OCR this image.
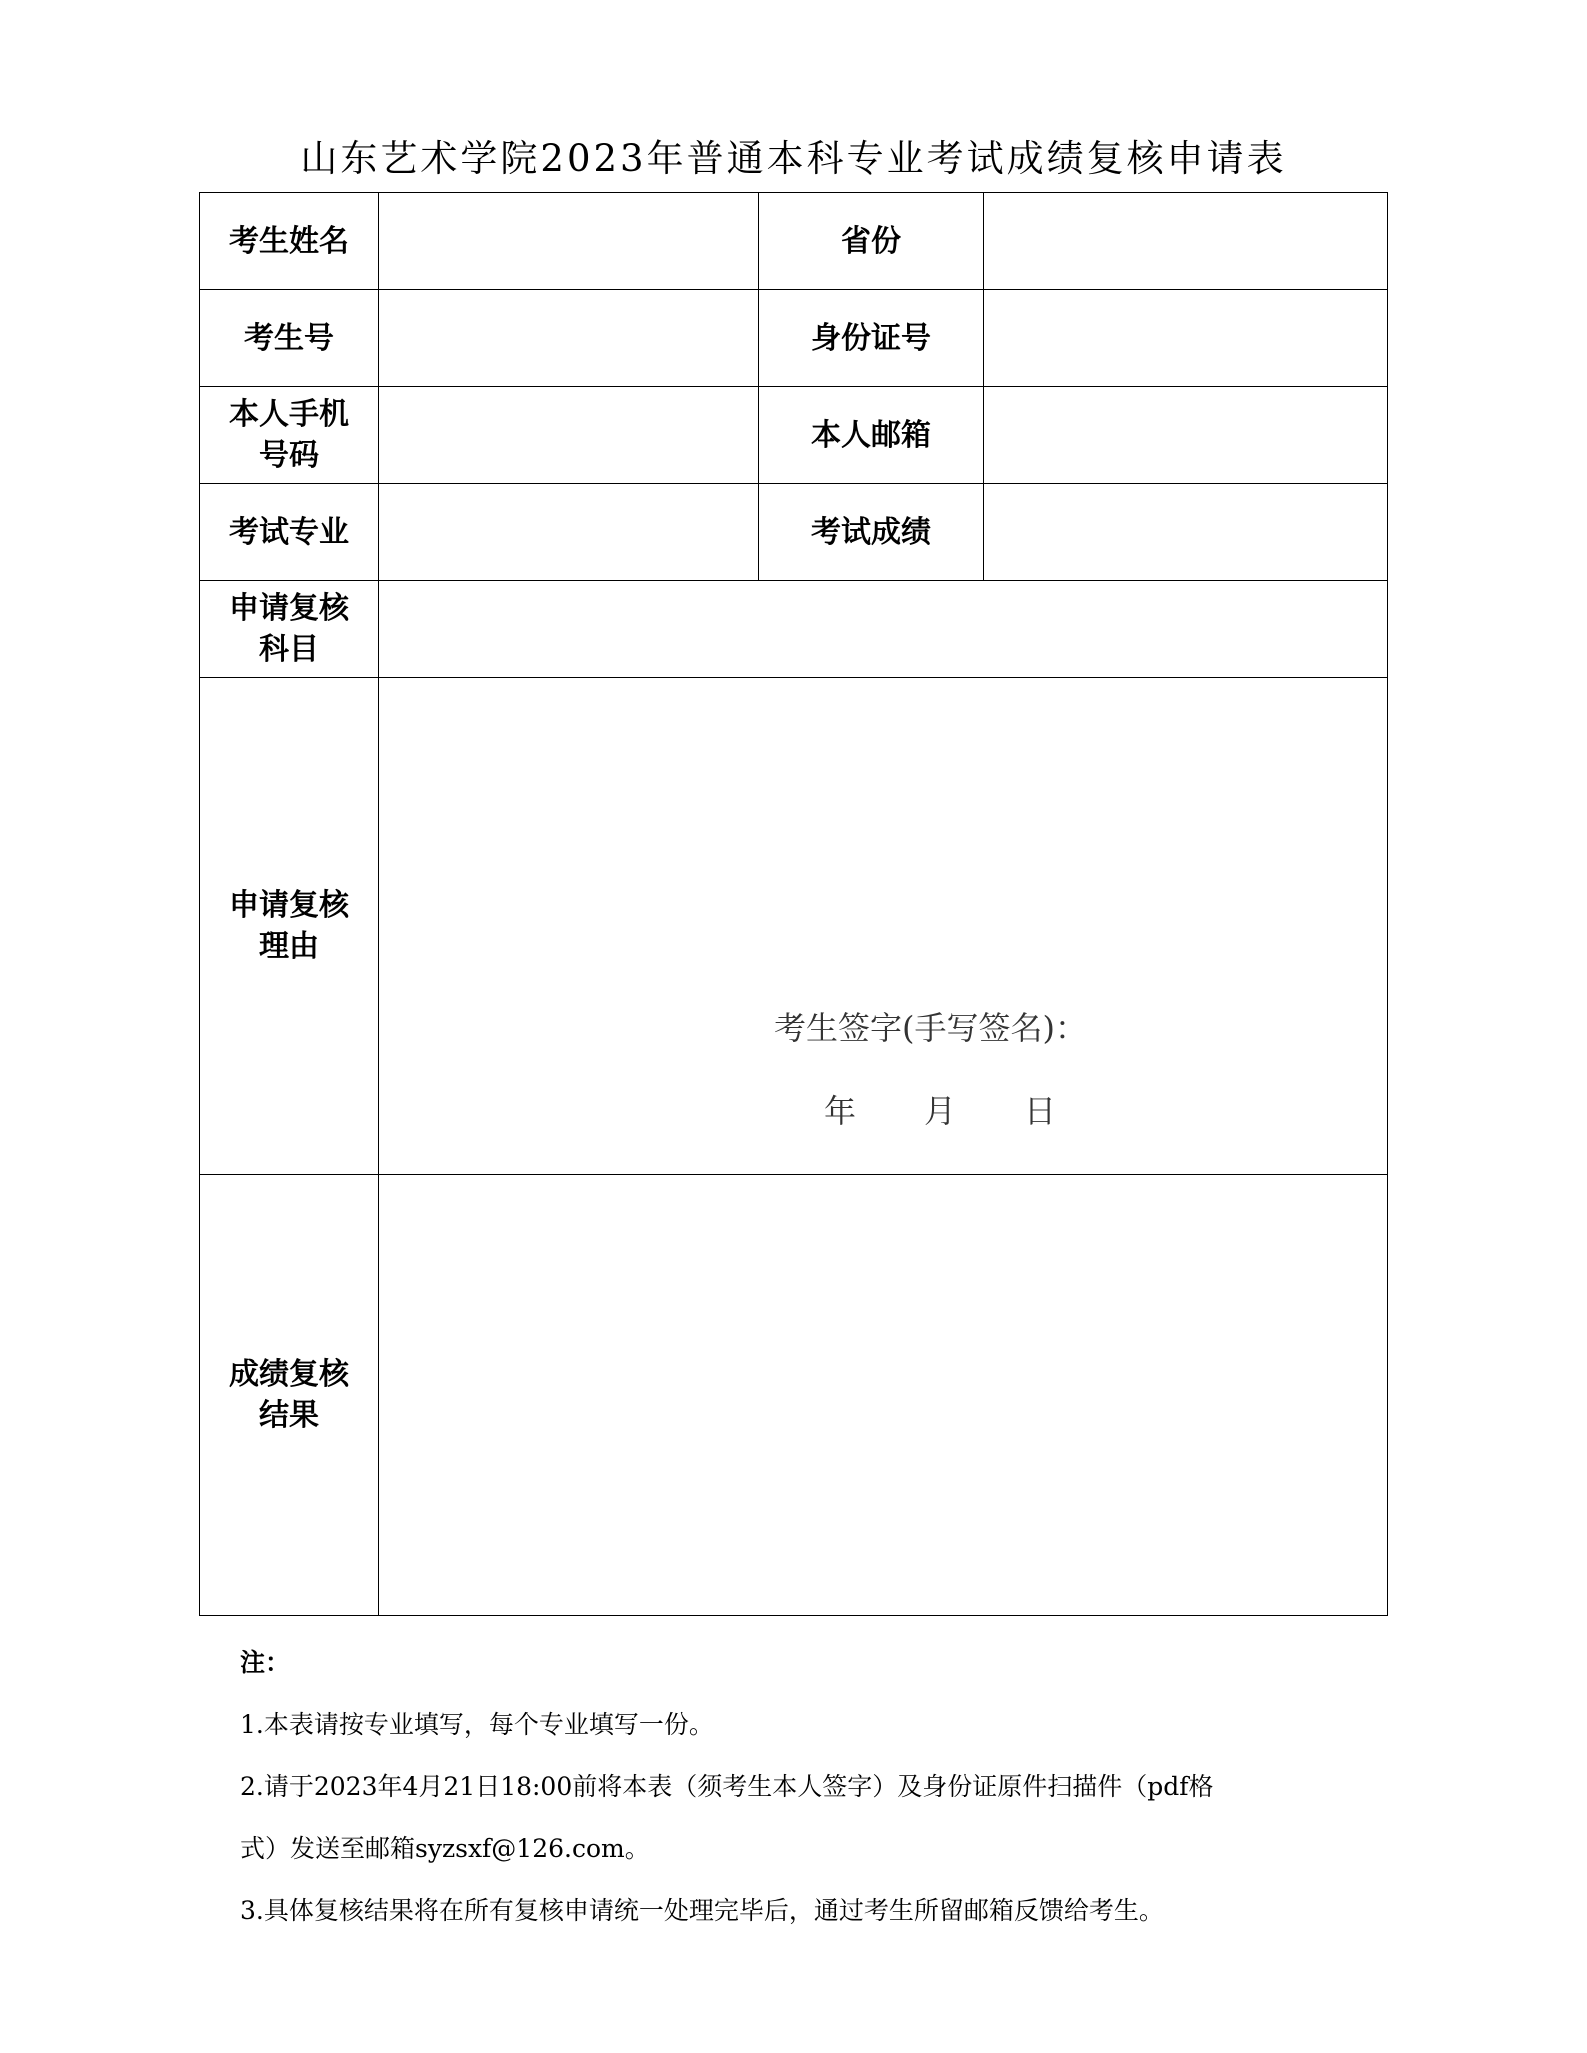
山东艺术学院2023年普通本科专业考试成绩复核申请表
考生姓名		省份	
考生号		身份证号	
本人手机号码		本人邮箱	
考试专业		考试成绩	
申请复核科目			
申请复核理由	考生签字(手写签名)：
年 月 日		

成绩复核结果			

注：

1.本表请按专业填写，每个专业填写一份。

2.请于2023年4月21日18:00前将本表（须考生本人签字）及身份证原件扫描件（pdf格

式）发送至邮箱syzsxf@126.com。

3.具体复核结果将在所有复核申请统一处理完毕后，通过考生所留邮箱反馈给考生。
